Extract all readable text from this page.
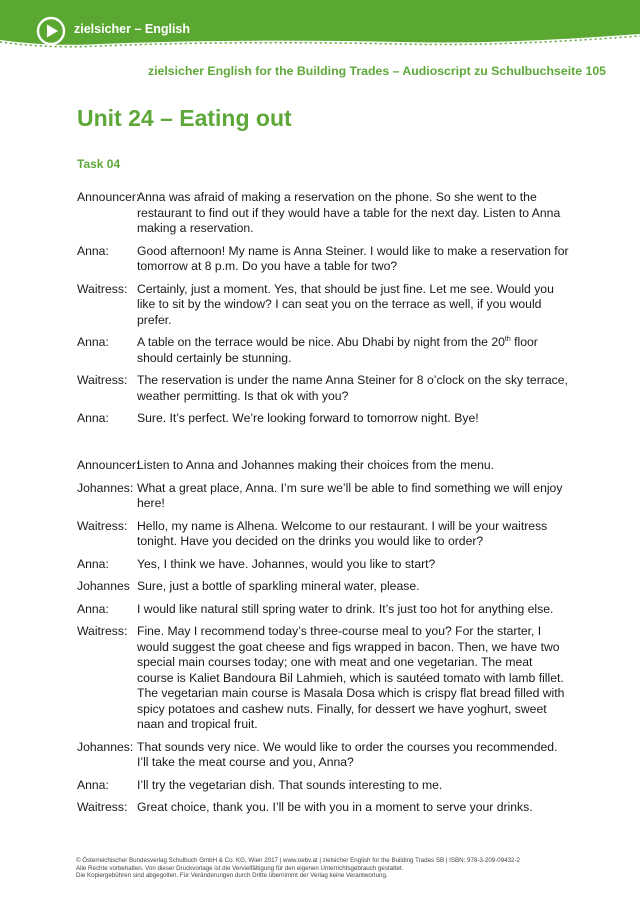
zielsicher – English
zielsicher English for the Building Trades – Audioscript zu Schulbuchseite 105
Unit 24 – Eating out
Task 04
Announcer:
Anna was afraid of making a reservation on the phone. So she went to the restaurant to find out if they would have a table for the next day. Listen to Anna making a reservation.
Anna:	Good afternoon! My name is Anna Steiner. I would like to make a reservation for tomorrow at 8 p.m. Do you have a table for two?
Waitress: Certainly, just a moment. Yes, that should be just fine. Let me see. Would you like to sit by the window? I can seat you on the terrace as well, if you would prefer.
Anna:	A table on the terrace would be nice. Abu Dhabi by night from the 20th floor should certainly be stunning.
Waitress: The reservation is under the name Anna Steiner for 8 o’clock on the sky terrace, weather permitting. Is that ok with you?
Anna:	Sure. It’s perfect. We’re looking forward to tomorrow night. Bye!
Announcer:
Listen to Anna and Johannes making their choices from the menu.
Johannes: What a great place, Anna. I’m sure we’ll be able to find something we will enjoy here!
Waitress: Hello, my name is Alhena. Welcome to our restaurant. I will be your waitress tonight. Have you decided on the drinks you would like to order?
Anna:	Yes, I think we have. Johannes, would you like to start?
Johannes Sure, just a bottle of sparkling mineral water, please.
Anna:	I would like natural still spring water to drink. It’s just too hot for anything else.
Waitress: Fine. May I recommend today’s three-course meal to you? For the starter, I would suggest the goat cheese and figs wrapped in bacon. Then, we have two special main courses today; one with meat and one vegetarian. The meat course is Kaliet Bandoura Bil Lahmieh, which is sautéed tomato with lamb fillet. The vegetarian main course is Masala Dosa which is crispy flat bread filled with spicy potatoes and cashew nuts. Finally, for dessert we have yoghurt, sweet naan and tropical fruit.
Johannes: That sounds very nice. We would like to order the courses you recommended. I’ll take the meat course and you, Anna?
Anna:	I’ll try the vegetarian dish. That sounds interesting to me.
Waitress: Great choice, thank you. I’ll be with you in a moment to serve your drinks.
© Österreichischer Bundesverlag Schulbuch GmbH & Co. KG, Wien 2017 | www.oebv.at | zielsicher English for the Building Trades SB | ISBN: 978-3-209-09432-2
Alle Rechte vorbehalten. Von dieser Druckvorlage ist die Vervielfältigung für den eigenen Unterrichtsgebrauch gestattet.
Die Kopiergebühren sind abgegolten. Für Veränderungen durch Dritte übernimmt der Verlag keine Verantwortung.
